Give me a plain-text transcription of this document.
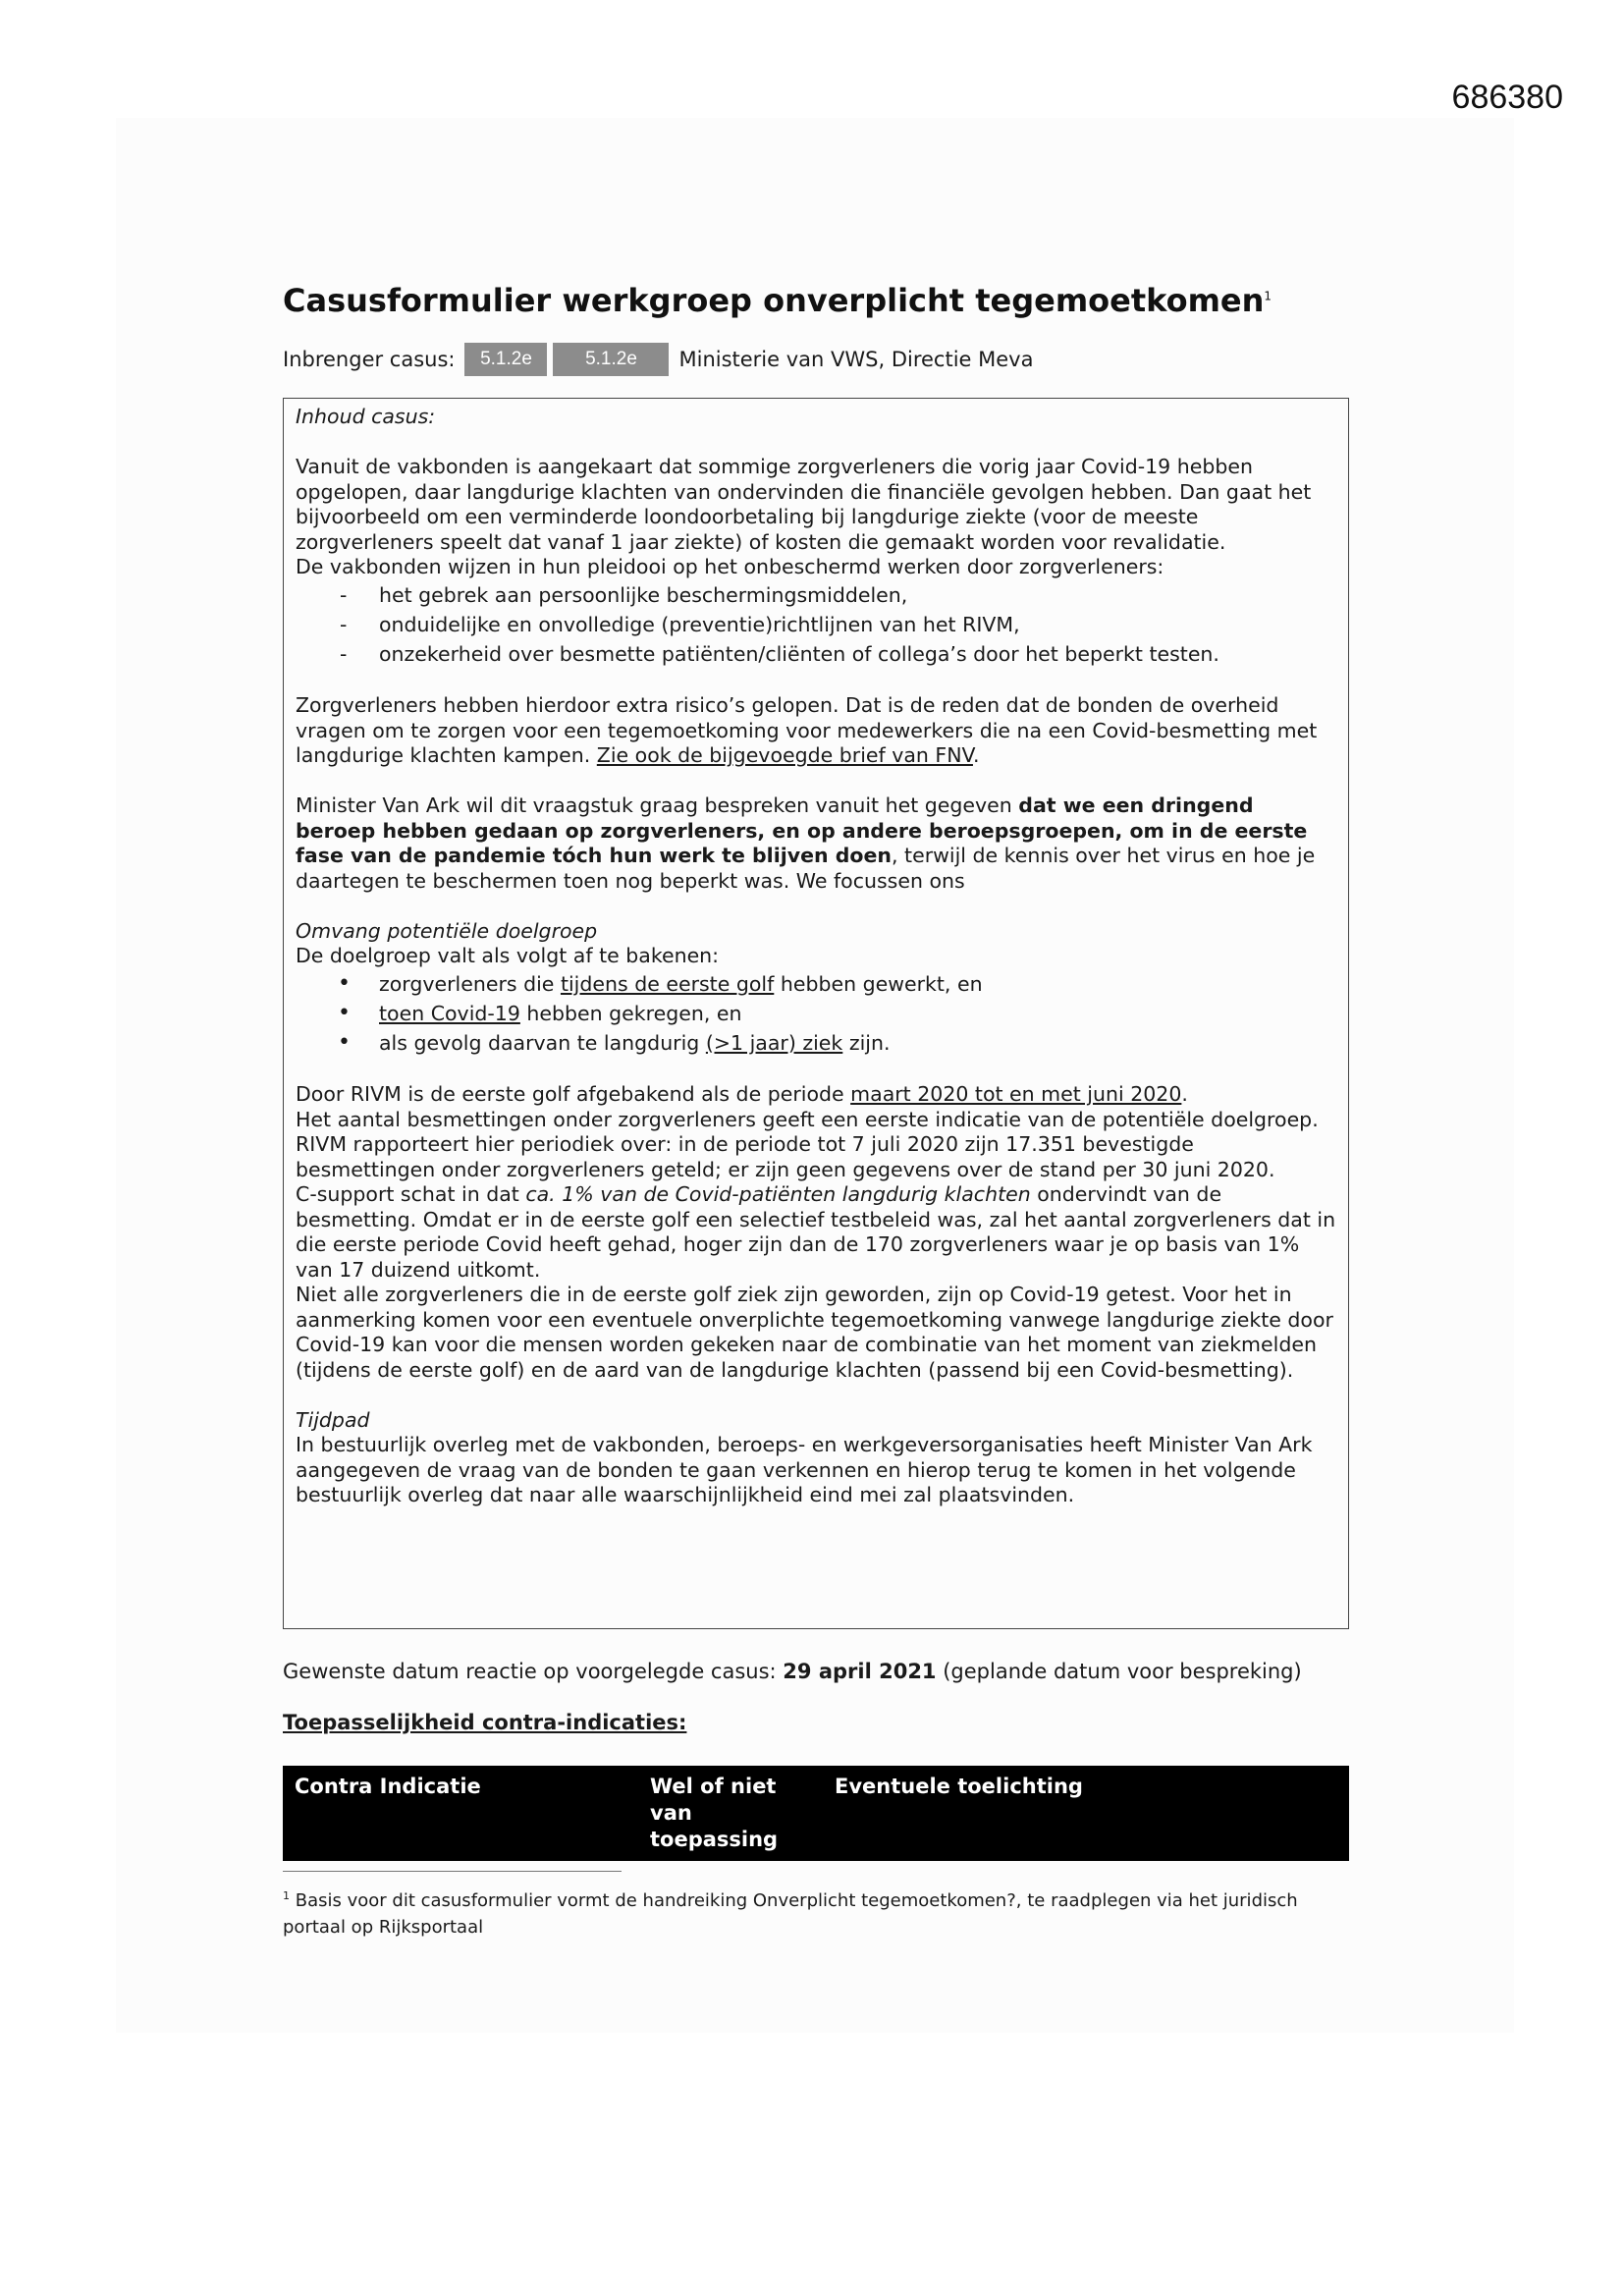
686380
Casusformulier werkgroep onverplicht tegemoetkomen$^1$
Inbrenger casus:	5.1.2e	5.1.2e	Ministerie van VWS, Directie Meva

Inhoud casus:

Vanuit de vakbonden is aangekaart dat sommige zorgverleners die vorig jaar Covid-19 hebben opgelopen, daar langdurige klachten van ondervinden die financiële gevolgen hebben. Dan gaat het bijvoorbeeld om een verminderde loondoorbetaling bij langdurige ziekte (voor de meeste zorgverleners speelt dat vanaf 1 jaar ziekte) of kosten die gemaakt worden voor revalidatie.

De vakbonden wijzen in hun pleidooi op het onbeschermd werken door zorgverleners:

- het gebrek aan persoonlijke beschermingsmiddelen,
- onduidelijke en onvolledige (preventie)richtlijnen van het RIVM,
- onzekerheid over besmette patiënten/cliënten of collega’s door het beperkt testen.

Zorgverleners hebben hierdoor extra risico’s gelopen. Dat is de reden dat de bonden de overheid vragen om te zorgen voor een tegemoetkoming voor medewerkers die na een Covid-besmetting met langdurige klachten kampen. Zie ook de bijgevoegde brief van FNV.

Minister Van Ark wil dit vraagstuk graag bespreken vanuit het gegeven dat we een dringend beroep hebben gedaan op zorgverleners, en op andere beroepsgroepen, om in de eerste fase van de pandemie tóch hun werk te blijven doen, terwijl de kennis over het virus en hoe je daartegen te beschermen toen nog beperkt was. We focussen ons

Omvang potentiële doelgroep

De doelgroep valt als volgt af te bakenen:

• zorgverleners die tijdens de eerste golf hebben gewerkt, en
• toen Covid-19 hebben gekregen, en
• als gevolg daarvan te langdurig (>1 jaar) ziek zijn.

Door RIVM is de eerste golf afgebakend als de periode maart 2020 tot en met juni 2020.

Het aantal besmettingen onder zorgverleners geeft een eerste indicatie van de potentiële doelgroep. RIVM rapporteert hier periodiek over: in de periode tot 7 juli 2020 zijn 17.351 bevestigde besmettingen onder zorgverleners geteld; er zijn geen gegevens over de stand per 30 juni 2020.

C-support schat in dat ca. 1% van de Covid-patiënten langdurig klachten ondervindt van de besmetting. Omdat er in de eerste golf een selectief testbeleid was, zal het aantal zorgverleners dat in die eerste periode Covid heeft gehad, hoger zijn dan de 170 zorgverleners waar je op basis van 1% van 17 duizend uitkomt.

Niet alle zorgverleners die in de eerste golf ziek zijn geworden, zijn op Covid-19 getest. Voor het in aanmerking komen voor een eventuele onverplichte tegemoetkoming vanwege langdurige ziekte door Covid-19 kan voor die mensen worden gekeken naar de combinatie van het moment van ziekmelden (tijdens de eerste golf) en de aard van de langdurige klachten (passend bij een Covid-besmetting).

Tijdpad

In bestuurlijk overleg met de vakbonden, beroeps- en werkgeversorganisaties heeft Minister Van Ark aangegeven de vraag van de bonden te gaan verkennen en hierop terug te komen in het volgende bestuurlijk overleg dat naar alle waarschijnlijkheid eind mei zal plaatsvinden.

Gewenste datum reactie op voorgelegde casus: 29 april 2021 (geplande datum voor bespreking)
Toepasselijkheid contra-indicaties:
Contra Indicatie	Wel of niet van toepassing	Eventuele toelichting
$^1$ Basis voor dit casusformulier vormt de handreiking Onverplicht tegemoetkomen?, te raadplegen via het juridisch portaal op Rijksportaal
